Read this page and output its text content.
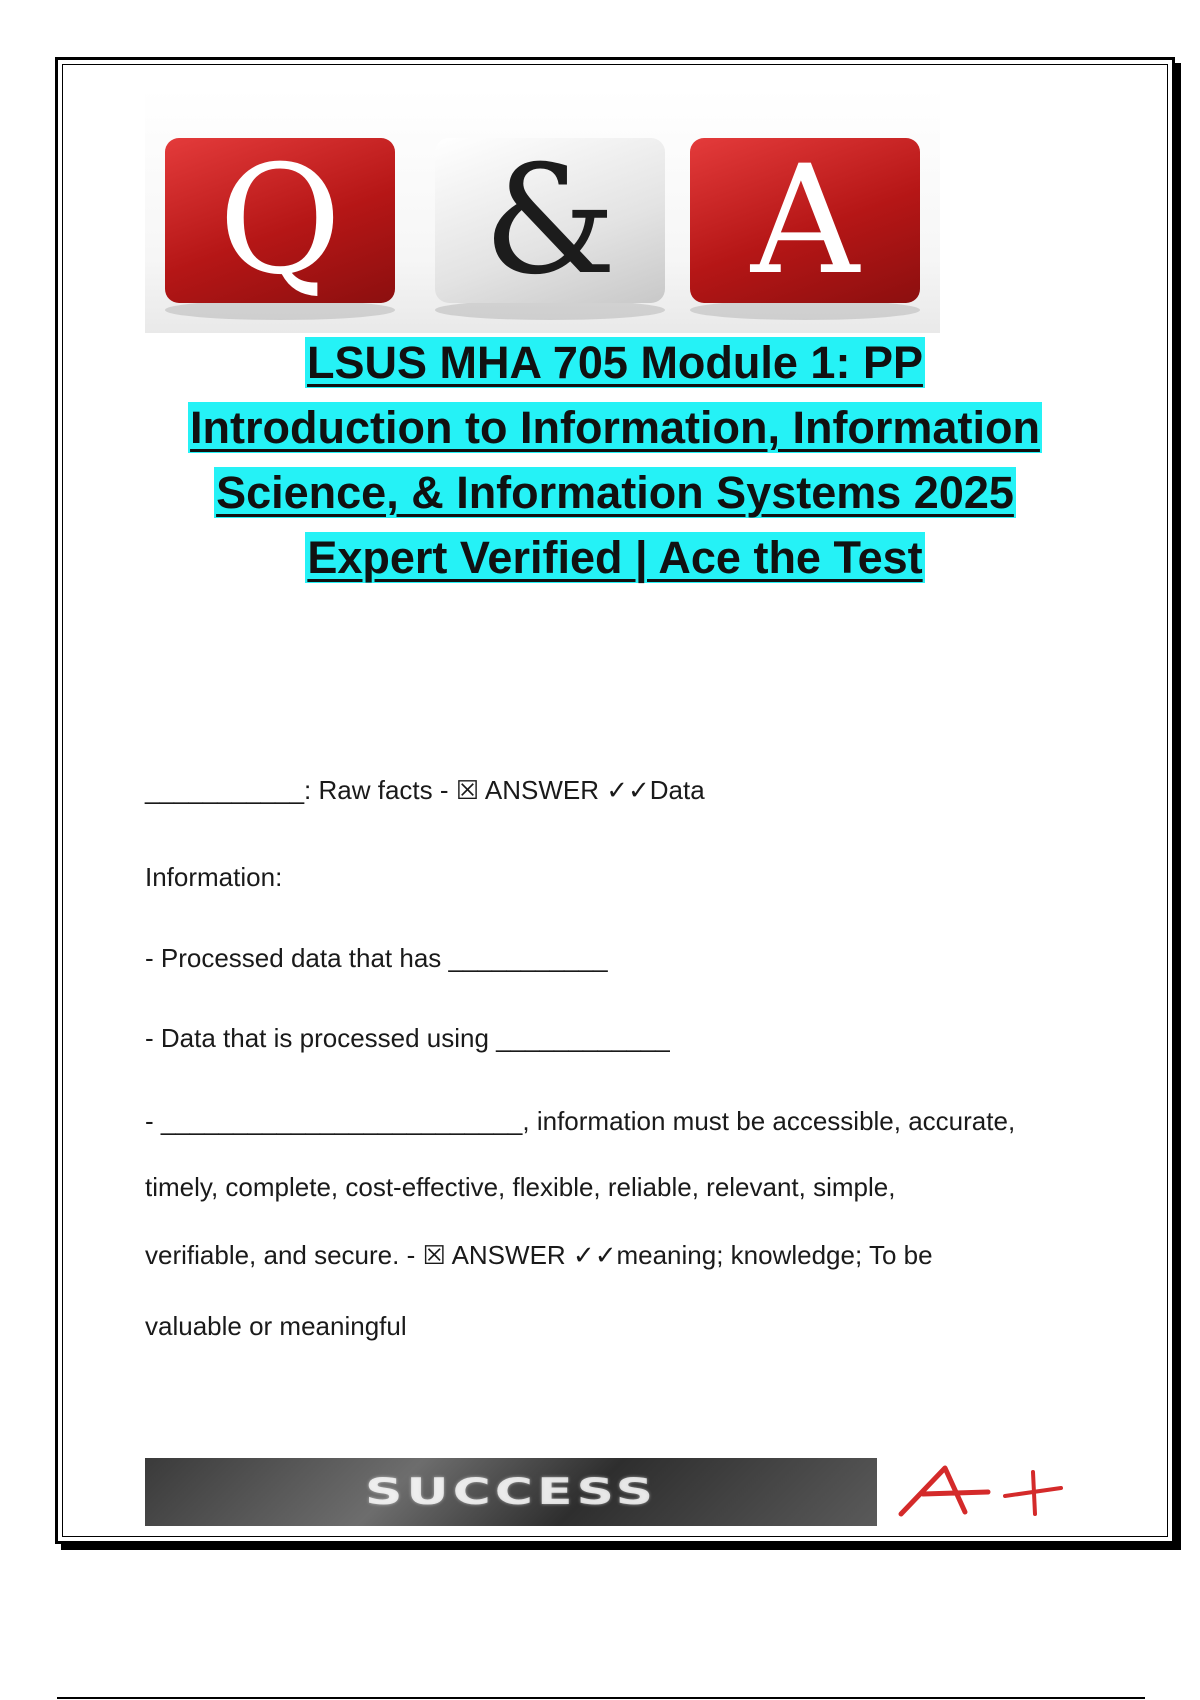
Q & A
LSUS MHA 705 Module 1: PP
Introduction to Information, Information
Science, & Information Systems 2025
Expert Verified | Ace the Test

___________: Raw facts - ☒ ANSWER ✓✓Data

Information:

- Processed data that has ___________

- Data that is processed using ____________

- _________________________, information must be accessible, accurate,

timely, complete, cost-effective, flexible, reliable, relevant, simple,

verifiable, and secure. - ☒ ANSWER ✓✓meaning; knowledge; To be

valuable or meaningful

SUCCESS
